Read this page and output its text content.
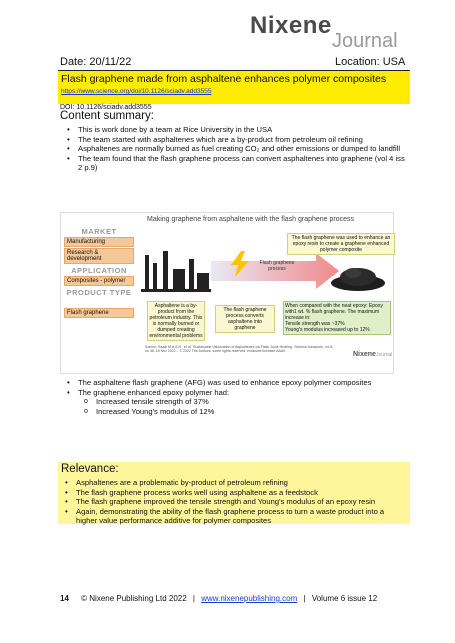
Nixene
Journal
Date: 20/11/22	Location: USA
Flash graphene made from asphaltene enhances polymer composites
https://www.science.org/doi/10.1126/sciadv.add3555
DOI: 10.1126/sciadv.add3555
Content summary:
• This is work done by a team at Rice University in the USA
• The team started with asphaltenes which are a by-product from petroleum oil refining
• Asphaltenes are normally burned as fuel creating CO₂ and other emissions or dumped to landfill
• The team found that the flash graphene process can convert asphaltenes into graphene (vol 4 iss 2 p.9)
Making graphene from asphaltene with the flash graphene process
MARKET
Manufacturing
Research & development
APPLICATION
Composites - polymer
PRODUCT TYPE
Flash graphene
Flash graphene process
The flash graphene was used to enhance an epoxy resin to create a graphene enhanced polymer composite
Asphaltene is a by-product from the petroleum industry. This is normally burned or dumped creating environmental problems
The flash graphene process converts asphaltene into graphene
When compared with the neat epoxy: Epoxy with1 wt. % flash graphene. The maximum increase in:
Tensile strength was ~37%
Young's modulus increased up to 12%
Source: Saadi M.A.S.R., et al. 'Sustainable Valorization of Asphaltenes via Flash Joule Heating', Science Advances, vol 8, no 46, 18 Nov 2022 – © 2022 The Authors, some rights reserved; exclusive licensee AAAS	NixeneJournal
• The asphaltene flash graphene (AFG) was used to enhance epoxy polymer composites
• The graphene enhanced epoxy polymer had:
o Increased tensile strength of 37%
o Increased Young's modulus of 12%
Relevance:
• Asphaltenes are a problematic by-product of petroleum refining
• The flash graphene process works well using asphaltene as a feedstock
• The flash graphene improved the tensile strength and Young's modulus of an epoxy resin
• Again, demonstrating the ability of the flash graphene process to turn a waste product into a higher value performance additive for polymer composites
14 © Nixene Publishing Ltd 2022 | www.nixenepublishing.com | Volume 6 issue 12
